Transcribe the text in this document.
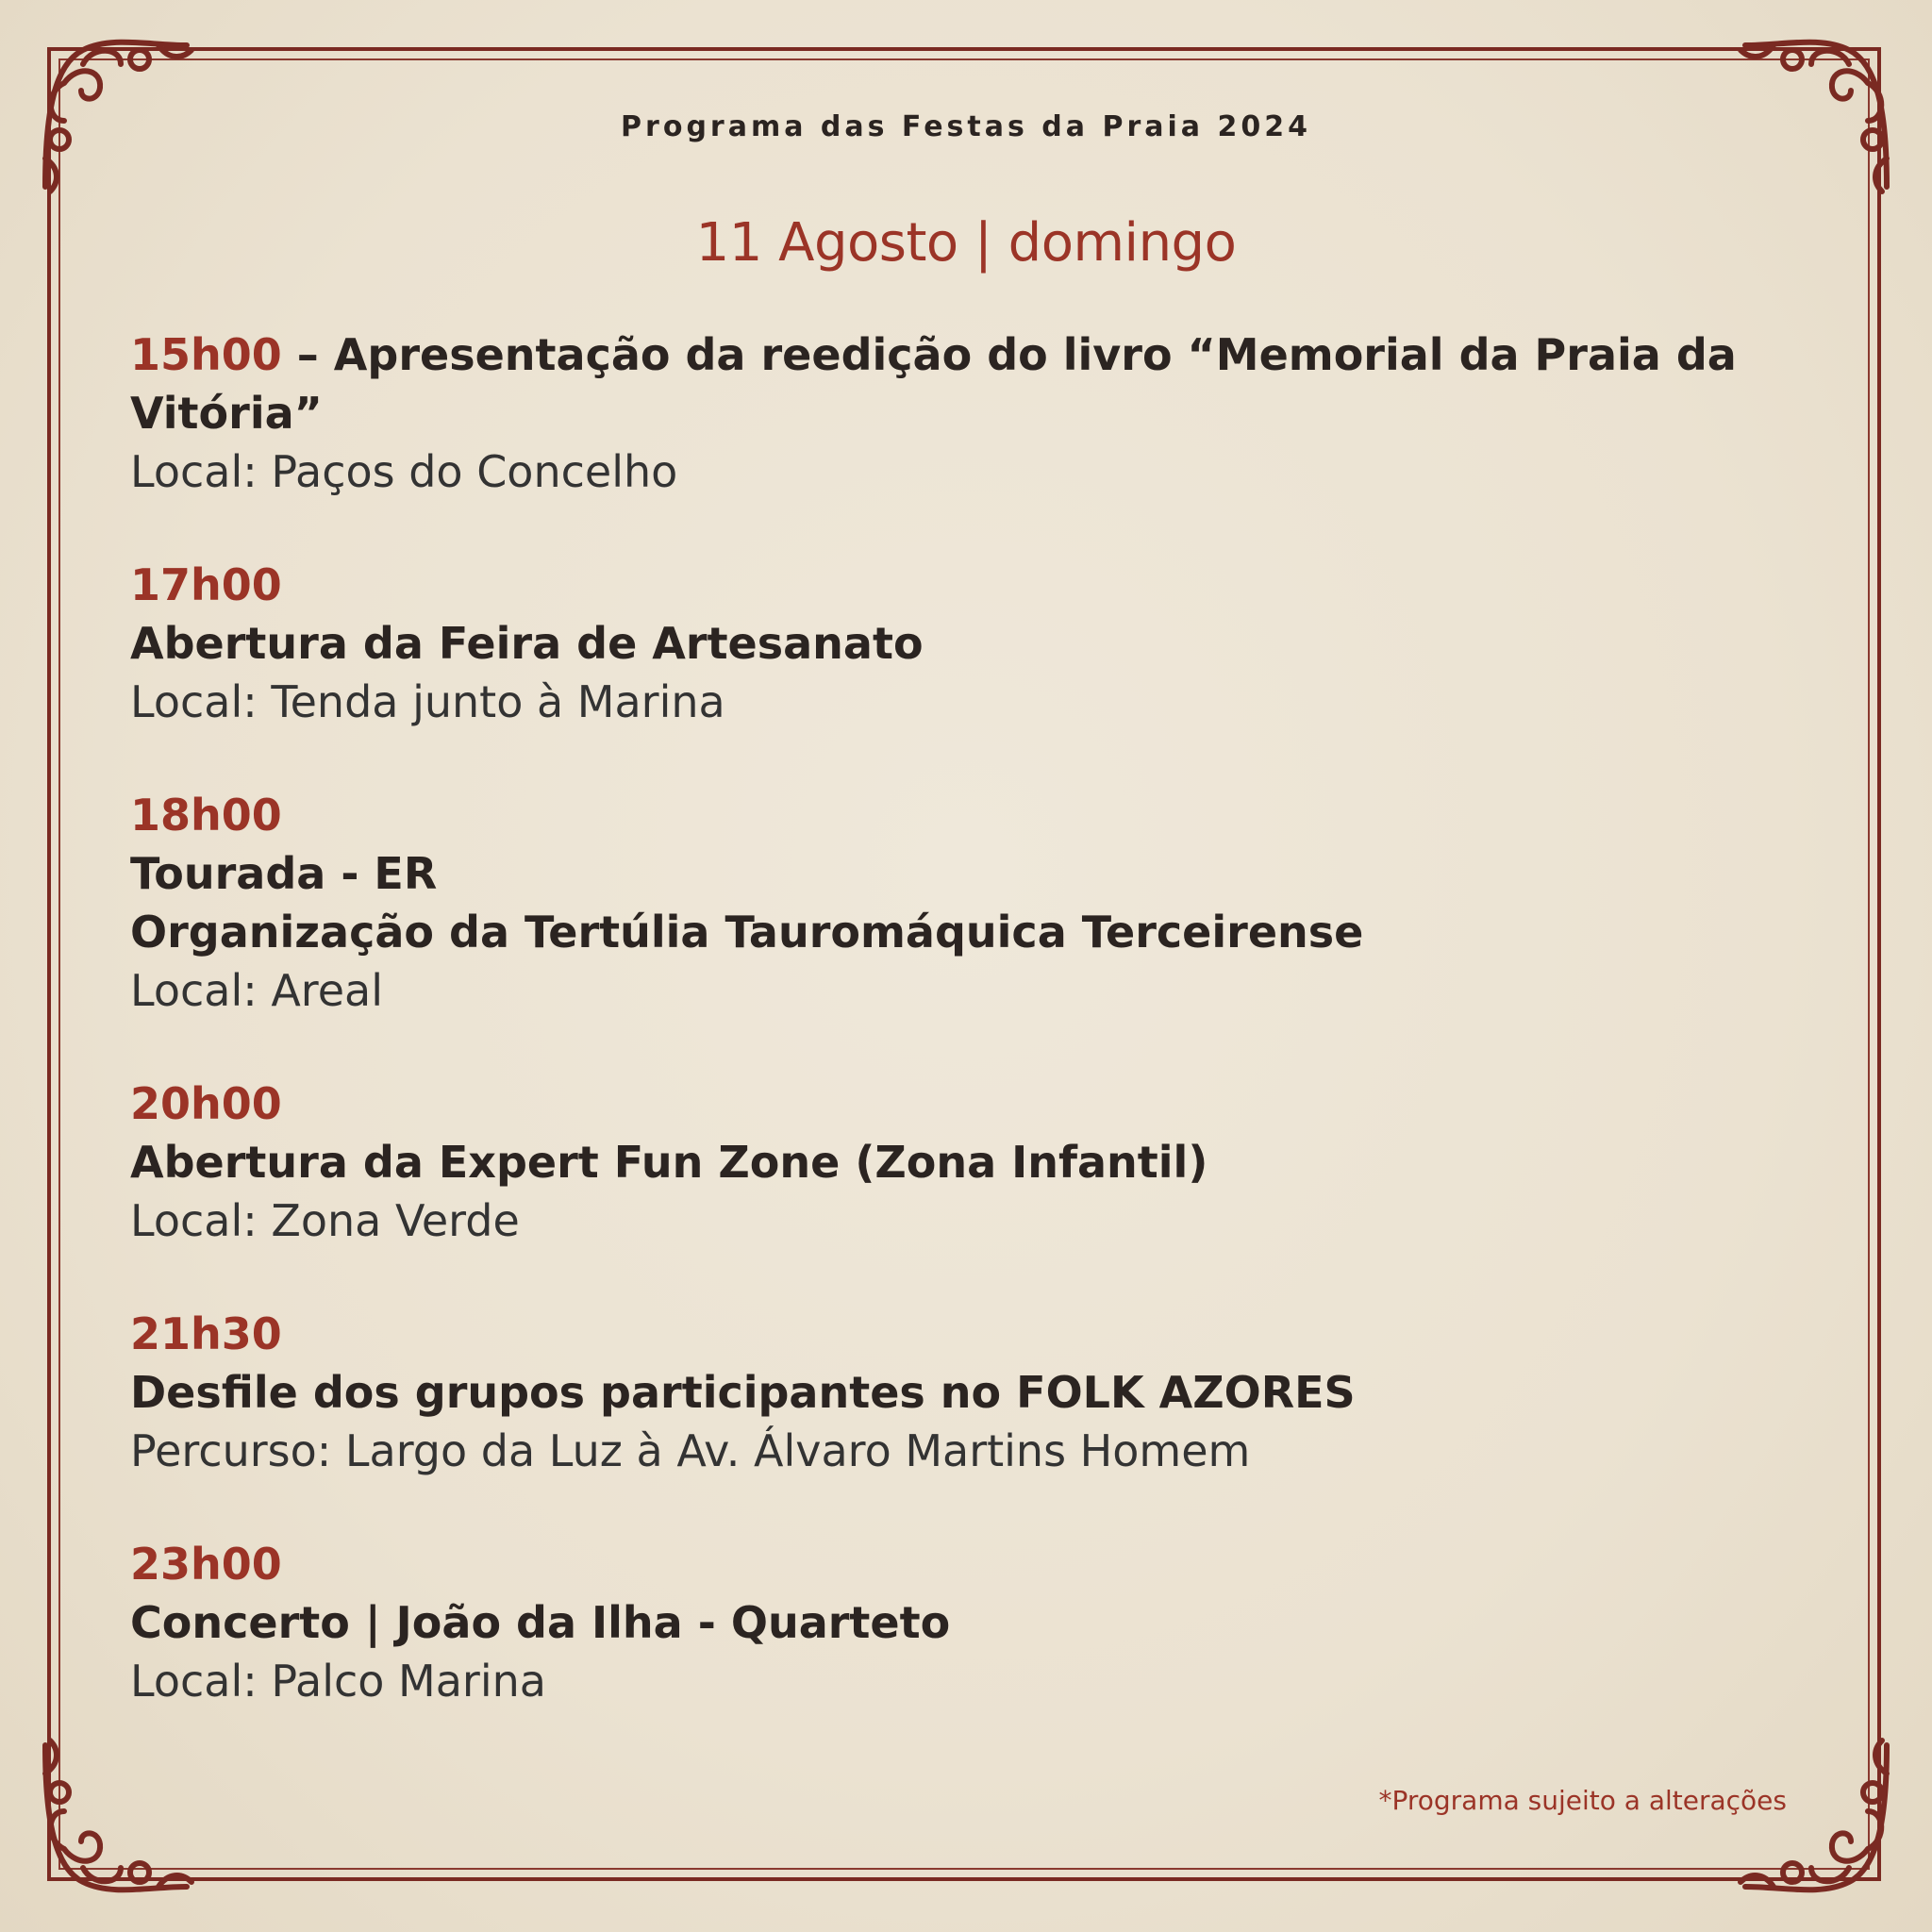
Programa das Festas da Praia 2024
11 Agosto | domingo
15h00 – Apresentação da reedição do livro “Memorial da Praia da
Vitória”
Local: Paços do Concelho
17h00
Abertura da Feira de Artesanato
Local: Tenda junto à Marina
18h00
Tourada - ER
Organização da Tertúlia Tauromáquica Terceirense
Local: Areal
20h00
Abertura da Expert Fun Zone (Zona Infantil)
Local: Zona Verde
21h30
Desfile dos grupos participantes no FOLK AZORES
Percurso: Largo da Luz à Av. Álvaro Martins Homem
23h00
Concerto | João da Ilha - Quarteto
Local: Palco Marina
*Programa sujeito a alterações
